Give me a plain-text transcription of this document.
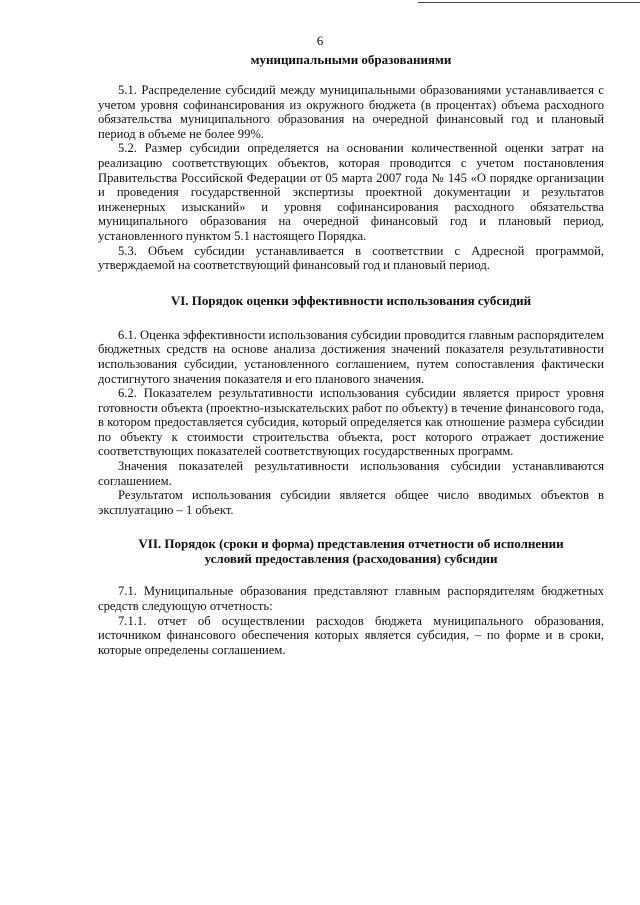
6
муниципальными образованиями

5.1. Распределение субсидий между муниципальными образованиями устанавливается с учетом уровня софинансирования из окружного бюджета (в процентах) объема расходного обязательства муниципального образования на очередной финансовый год и плановый период в объеме не более 99%.

5.2. Размер субсидии определяется на основании количественной оценки затрат на реализацию соответствующих объектов, которая проводится с учетом постановления Правительства Российской Федерации от 05 марта 2007 года № 145 «О порядке организации и проведения государственной экспертизы проектной документации и результатов инженерных изысканий» и уровня софинансирования расходного обязательства муниципального образования на очередной финансовый год и плановый период, установленного пунктом 5.1 настоящего Порядка.

5.3. Объем субсидии устанавливается в соответствии с Адресной программой, утверждаемой на соответствующий финансовый год и плановый период.

VI. Порядок оценки эффективности использования субсидий

6.1. Оценка эффективности использования субсидии проводится главным распорядителем бюджетных средств на основе анализа достижения значений показателя результативности использования субсидии, установленного соглашением, путем сопоставления фактически достигнутого значения показателя и его планового значения.

6.2. Показателем результативности использования субсидии является прирост уровня готовности объекта (проектно-изыскательских работ по объекту) в течение финансового года, в котором предоставляется субсидия, который определяется как отношение размера субсидии по объекту к стоимости строительства объекта, рост которого отражает достижение соответствующих показателей соответствующих государственных программ.

Значения показателей результативности использования субсидии устанавливаются соглашением.

Результатом использования субсидии является общее число вводимых объектов в эксплуатацию – 1 объект.

VII. Порядок (сроки и форма) представления отчетности об исполнении
условий предоставления (расходования) субсидии

7.1. Муниципальные образования представляют главным распорядителям бюджетных средств следующую отчетность:

7.1.1. отчет об осуществлении расходов бюджета муниципального образования, источником финансового обеспечения которых является субсидия, – по форме и в сроки, которые определены соглашением.
